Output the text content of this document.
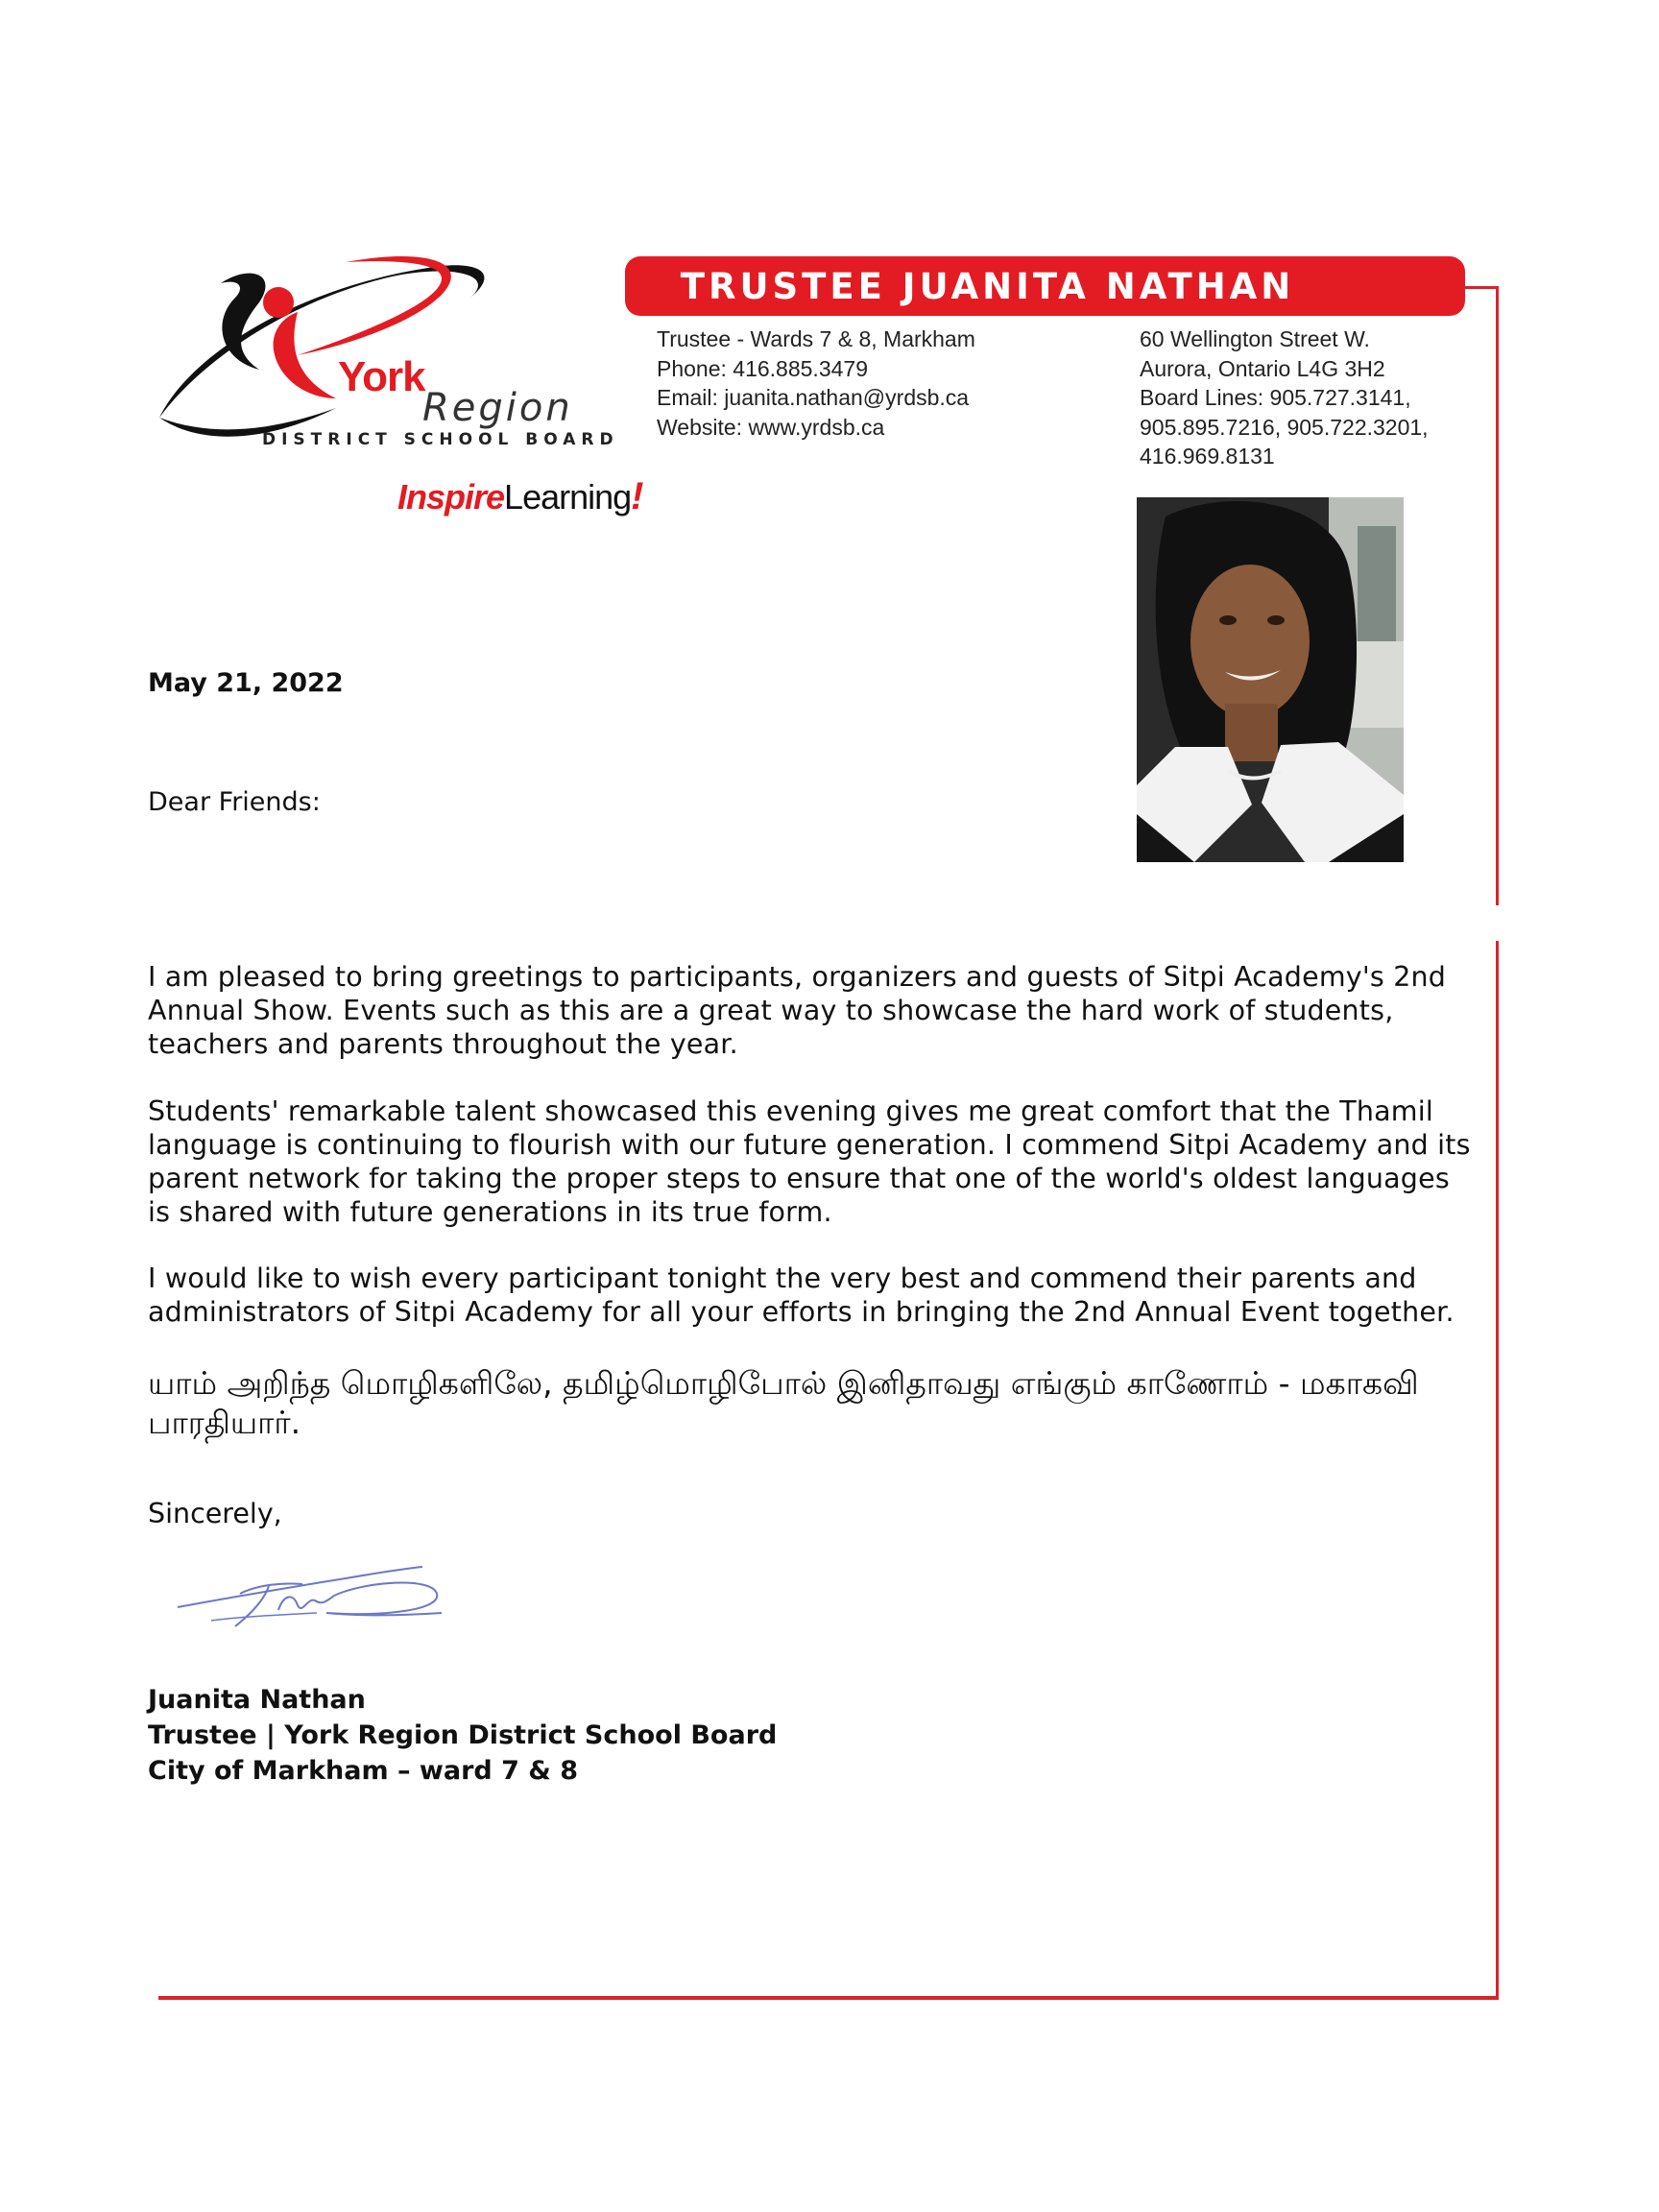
York
Region
DISTRICT SCHOOL BOARD
InspireLearning!
TRUSTEE JUANITA NATHAN
Trustee - Wards 7 & 8, Markham
Phone: 416.885.3479
Email: juanita.nathan@yrdsb.ca
Website: www.yrdsb.ca
60 Wellington Street W.
Aurora, Ontario L4G 3H2
Board Lines: 905.727.3141,
905.895.7216, 905.722.3201,
416.969.8131
May 21, 2022
Dear Friends:
I am pleased to bring greetings to participants, organizers and guests of Sitpi Academy's 2nd Annual Show. Events such as this are a great way to showcase the hard work of students, teachers and parents throughout the year.
Students' remarkable talent showcased this evening gives me great comfort that the Thamil language is continuing to flourish with our future generation. I commend Sitpi Academy and its parent network for taking the proper steps to ensure that one of the world's oldest languages is shared with future generations in its true form.
I would like to wish every participant tonight the very best and commend their parents and administrators of Sitpi Academy for all your efforts in bringing the 2nd Annual Event together.
யாம் அறிந்த மொழிகளிலே, தமிழ்மொழிபோல் இனிதாவது எங்கும் காணோம் - மகாகவி பாரதியார்.
Sincerely,
Juanita Nathan
Trustee | York Region District School Board
City of Markham – ward 7 & 8
